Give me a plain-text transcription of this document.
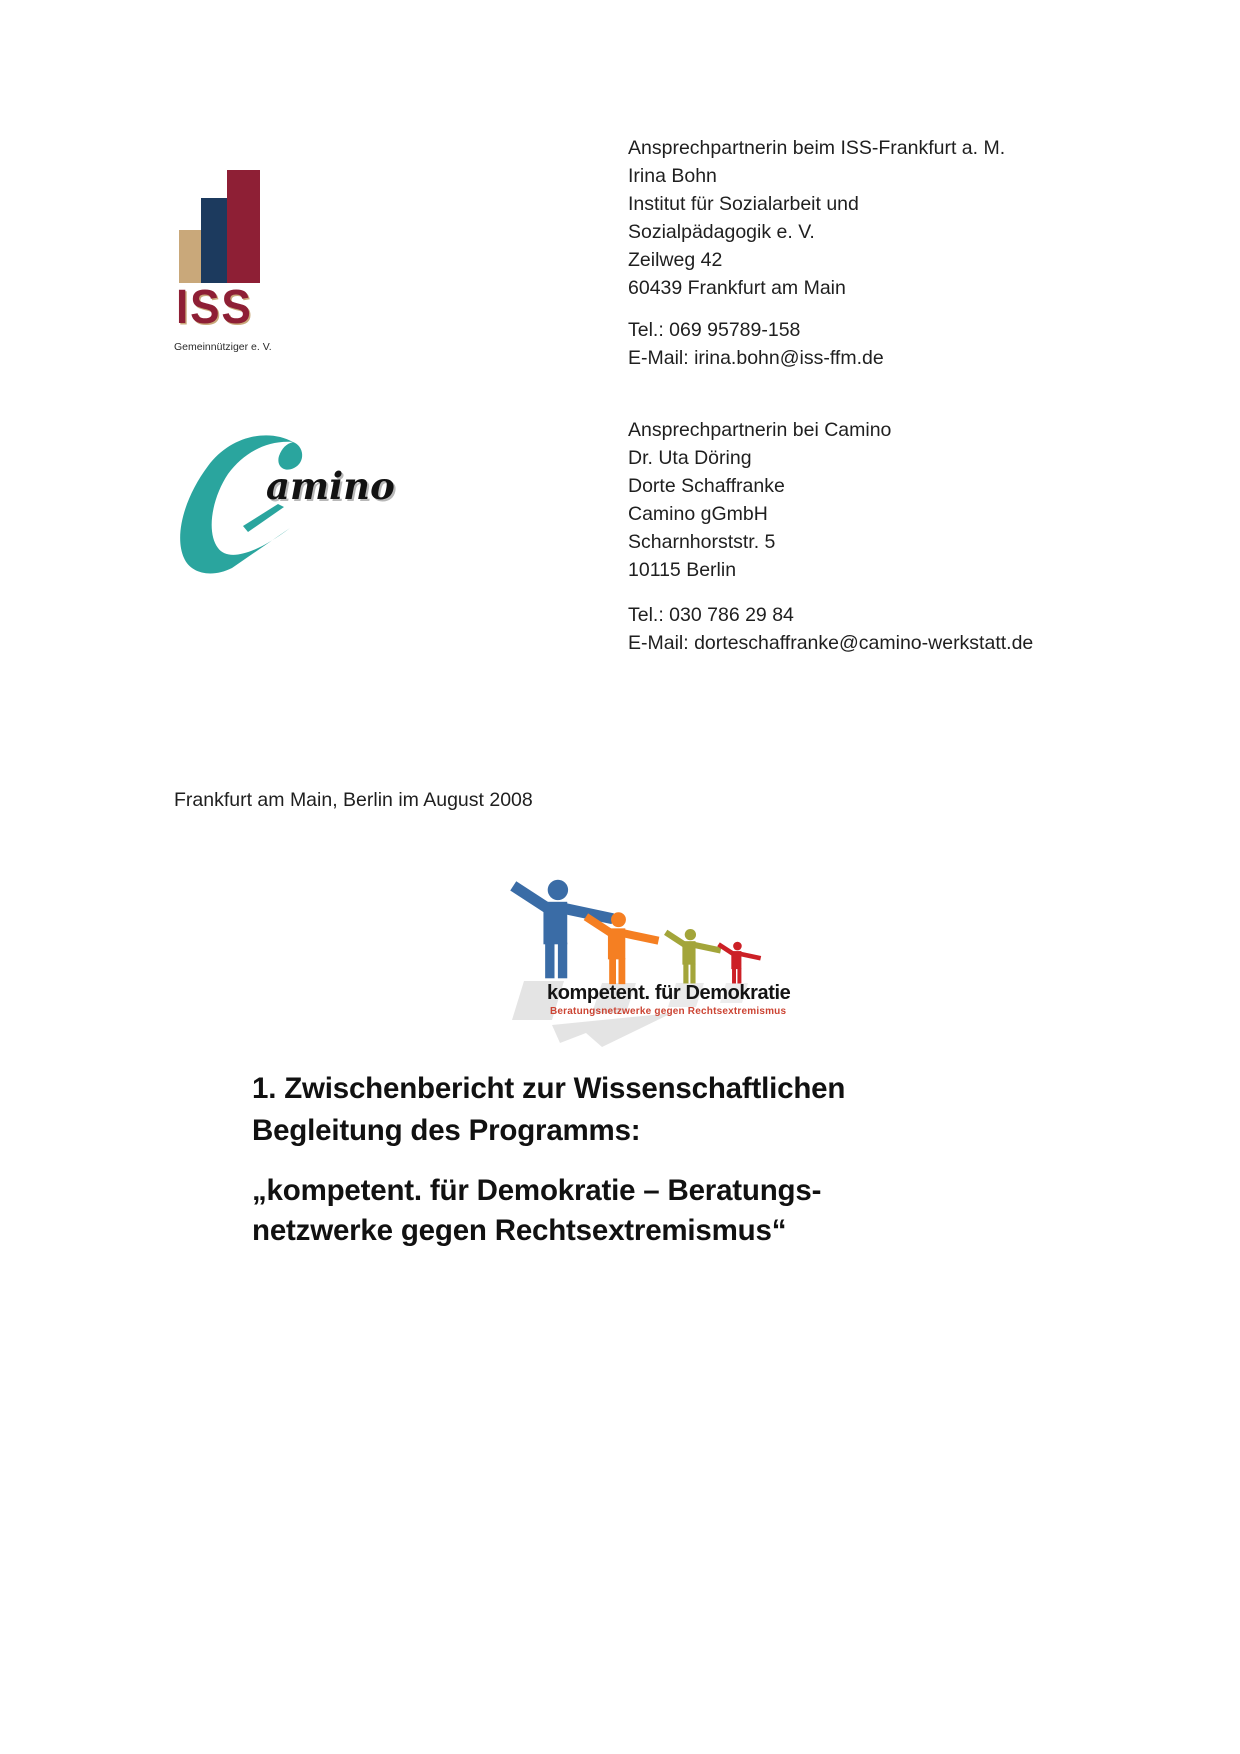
ISS
Gemeinnütziger e. V.
Ansprechpartnerin beim ISS-Frankfurt a. M.
Irina Bohn
Institut für Sozialarbeit und
Sozialpädagogik e. V.
Zeilweg 42
60439 Frankfurt am Main
Tel.: 069 95789-158
E-Mail: irina.bohn@iss-ffm.de
amino
Ansprechpartnerin bei Camino
Dr. Uta Döring
Dorte Schaffranke
Camino gGmbH
Scharnhorststr. 5
10115 Berlin
Tel.: 030 786 29 84
E-Mail: dorteschaffranke@camino-werkstatt.de
Frankfurt am Main, Berlin im August 2008
kompetent. für Demokratie
Beratungsnetzwerke gegen Rechtsextremismus
1. Zwischenbericht zur Wissenschaftlichen
Begleitung des Programms:
„kompetent. für Demokratie – Beratungs-
netzwerke gegen Rechtsextremismus“
